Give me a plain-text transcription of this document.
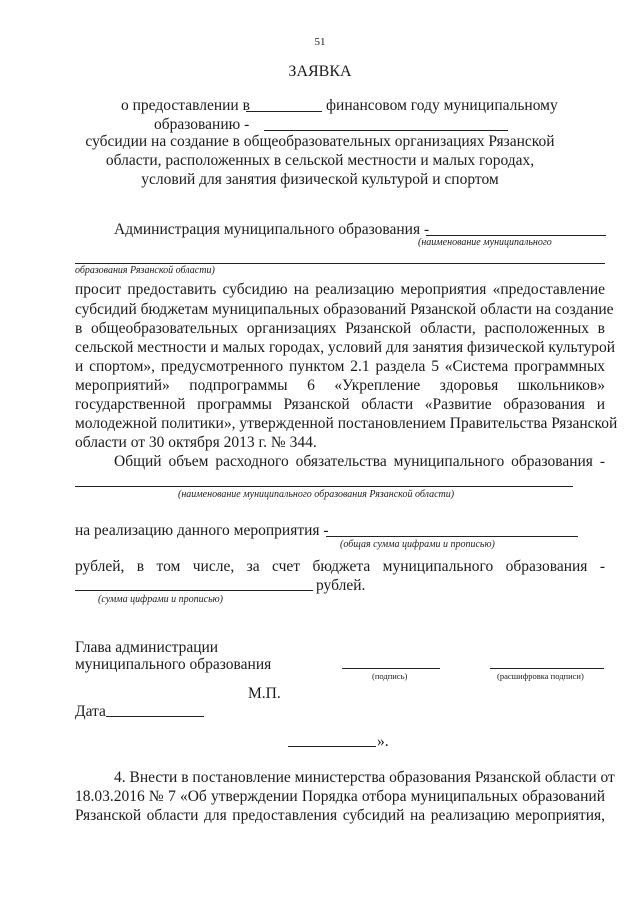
51
ЗАЯВКА
о предоставлении в	финансовом году муниципальному
образованию -
субсидии на создание в общеобразовательных организациях Рязанской
области, расположенных в сельской местности и малых городах,
условий для занятия физической культурой и спортом
Администрация муниципального образования -
(наименование муниципального
образования Рязанской области)
просит предоставить субсидию на реализацию мероприятия «предоставление
субсидий бюджетам муниципальных образований Рязанской области на создание
в общеобразовательных организациях Рязанской области, расположенных в
сельской местности и малых городах, условий для занятия физической культурой
и спортом», предусмотренного пунктом 2.1 раздела 5 «Система программных
мероприятий» подпрограммы 6 «Укрепление здоровья школьников»
государственной программы Рязанской области «Развитие образования и
молодежной политики», утвержденной постановлением Правительства Рязанской
области от 30 октября 2013 г. № 344.
Общий объем расходного обязательства муниципального образования -
(наименование муниципального образования Рязанской области)
на реализацию данного мероприятия -
(общая сумма цифрами и прописью)
рублей, в том числе, за счет бюджета муниципального образования -
рублей.
(сумма цифрами и прописью)
Глава администрации
муниципального образования
(подпись)	(расшифровка подписи)
М.П.
Дата
».
4. Внести в постановление министерства образования Рязанской области от
18.03.2016 № 7 «Об утверждении Порядка отбора муниципальных образований
Рязанской области для предоставления субсидий на реализацию мероприятия,
